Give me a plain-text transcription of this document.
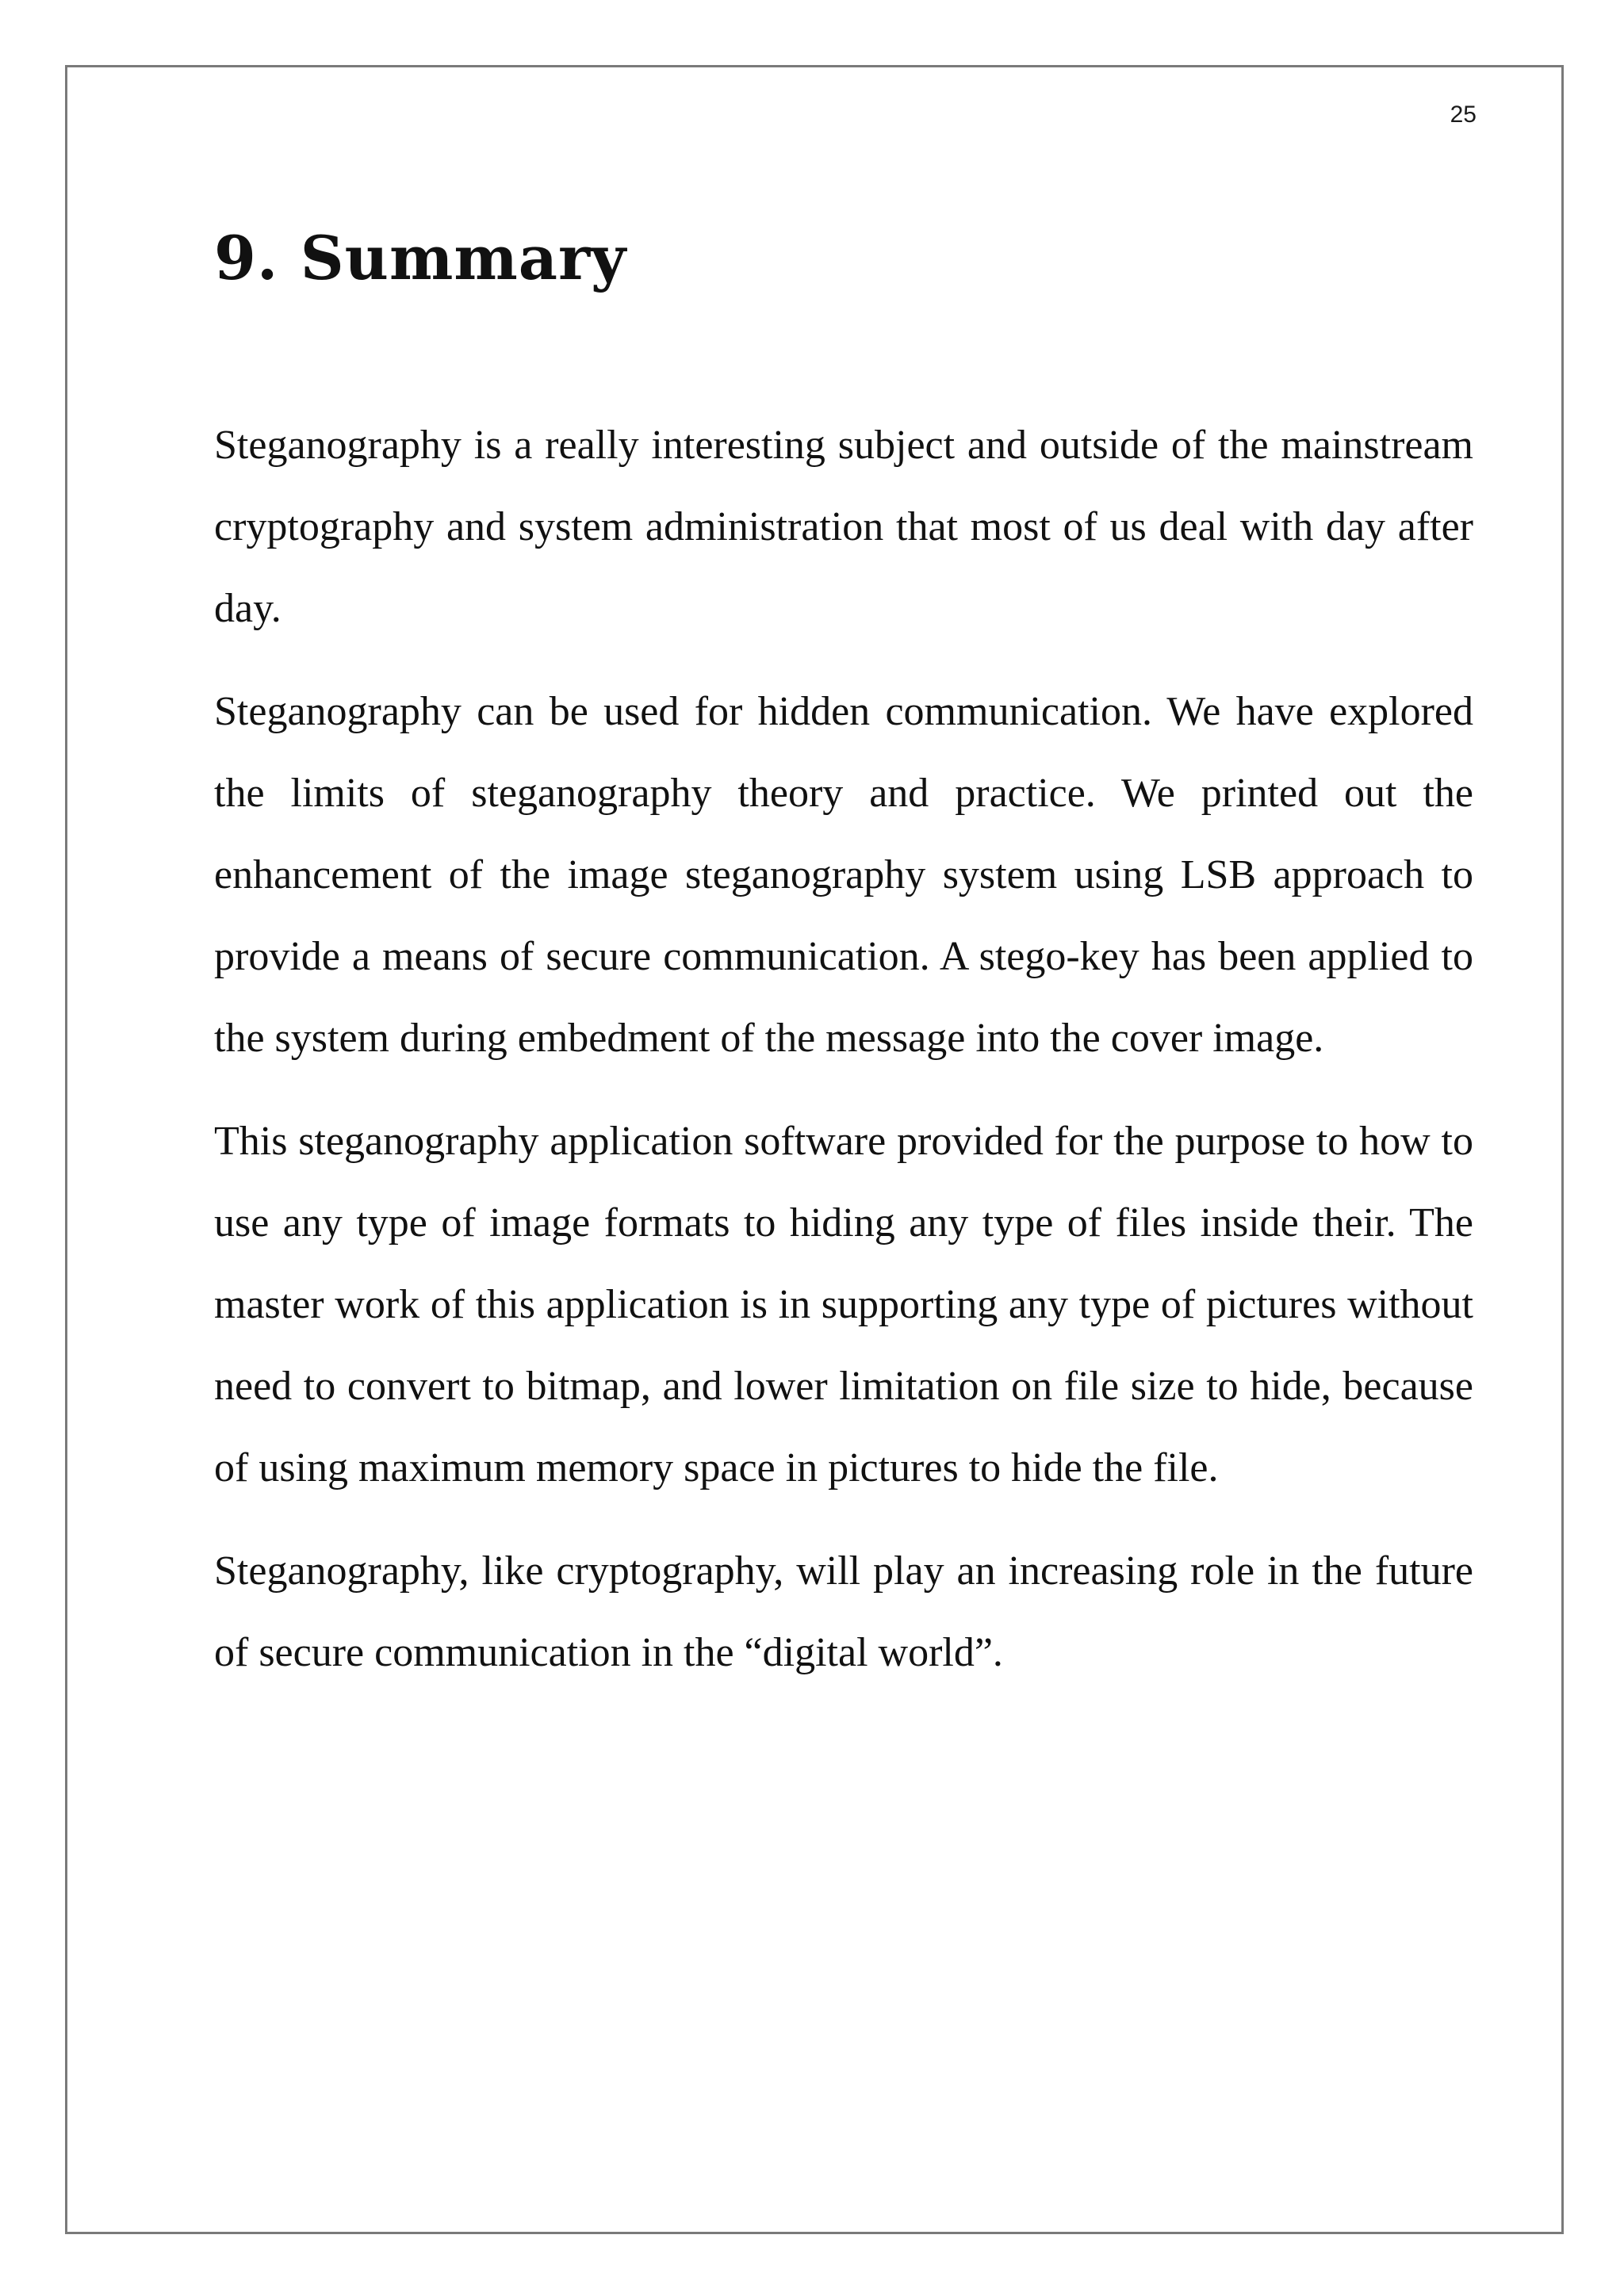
25
9. Summary

Steganography is a really interesting subject and outside of the mainstream cryptography and system administration that most of us deal with day after day.

Steganography can be used for hidden communication. We have explored the limits of steganography theory and practice. We printed out the enhancement of the image steganography system using LSB approach to provide a means of secure communication. A stego-key has been applied to the system during embedment of the message into the cover image.

This steganography application software provided for the purpose to how to use any type of image formats to hiding any type of files inside their. The master work of this application is in supporting any type of pictures without need to convert to bitmap, and lower limitation on file size to hide, because of using maximum memory space in pictures to hide the file.

Steganography, like cryptography, will play an increasing role in the future of secure communication in the “digital world”.
